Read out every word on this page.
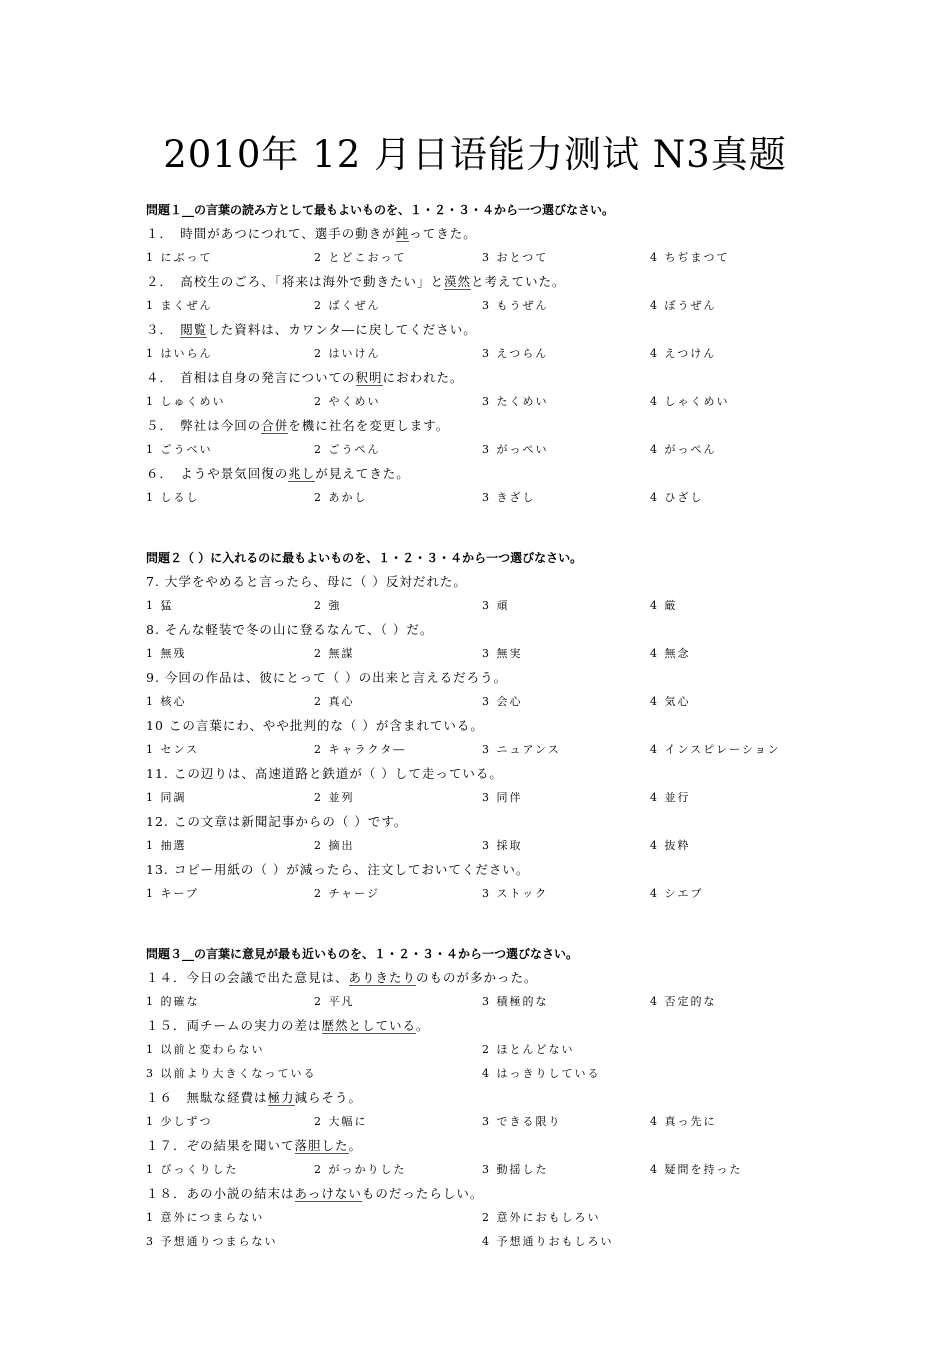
2010年 12 月日语能力测试 N3真题
問題１__の言葉の読み方として最もよいものを、１・２・３・４から一つ選びなさい。
１．　時間があつにつれて、選手の動きが鈍ってきた。
1 にぶって	2 とどこおって	3 おとつて	4 ちぢまつて
２．　高校生のごろ、「将来は海外で動きたい」と漠然と考えていた。
1 まくぜん	2 ばくぜん	3 もうぜん	4 ぼうぜん
３．　閲覧した資料は、カワンタ―に戻してください。
1 はいらん	2 はいけん	3 えつらん	4 えつけん
４．　首相は自身の発言についての釈明におわれた。
1 しゅくめい	2 やくめい	3 たくめい	4 しゃくめい
５．　弊社は今回の合併を機に社名を変更します。
1 ごうべい	2 ごうぺん	3 がっぺい	4 がっぺん
６．　ようや景気回復の兆しが見えてきた。
1 しるし	2 あかし	3 きざし	4 ひざし
問題２（ ）に入れるのに最もよいものを、１・２・３・４から一つ選びなさい。
7. 大学をやめると言ったら、母に（ ）反対だれた。
1 猛	2 強	3 頑	4 厳
8. そんな軽装で冬の山に登るなんて、（ ）だ。
1 無残	2 無謀	3 無実	4 無念
9. 今回の作品は、彼にとって（ ）の出来と言えるだろう。
1 核心	2 真心	3 会心	4 気心
10 この言葉にわ、やや批判的な（ ）が含まれている。
1 センス	2 キャラクタ―	3 ニュアンス	4 インスピレーション
11. この辺りは、高速道路と鉄道が（ ）して走っている。
1 同調	2 並列	3 同伴	4 並行
12. この文章は新聞記事からの（ ）です。
1 抽選	2 摘出	3 採取	4 抜粋
13. コピー用紙の（ ）が減ったら、注文しておいてください。
1 キーブ	2 チャージ	3 ストック	4 シエブ
問題３__の言葉に意見が最も近いものを、１・２・３・４から一つ選びなさい。
１４．今日の会議で出た意見は、ありきたりのものが多かった。
1 的確な	2 平凡	3 積極的な	4 否定的な
１５．両チームの実力の差は歴然としている。
1 以前と変わらない	2 ほとんどない
3 以前より大きくなっている	4 はっきりしている
１６　無駄な経費は極力減らそう。
1 少しずつ	2 大幅に	3 できる限り	4 真っ先に
１７．ぞの結果を聞いて落胆した。
1 びっくりした	2 がっかりした	3 動揺した	4 疑問を持った
１８．あの小説の結末はあっけないものだったらしい。
1 意外につまらない	2 意外におもしろい
3 予想通りつまらない	4 予想通りおもしろい
